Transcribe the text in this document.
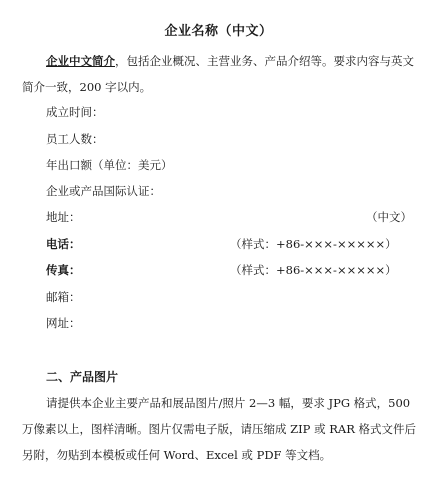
企业名称（中文）
企业中文简介，包括企业概况、主营业务、产品介绍等。要求内容与英文简介一致，200 字以内。
成立时间：
员工人数：
年出口额（单位：美元）
企业或产品国际认证：
地址：	（中文）
电话：	（样式：+86-×××-×××××）
传真：	（样式：+86-×××-×××××）
邮箱：
网址：
二、产品图片
请提供本企业主要产品和展品图片/照片 2—3 幅，要求 JPG 格式，500 万像素以上，图样清晰。图片仅需电子版，请压缩成 ZIP 或 RAR 格式文件后另附，勿贴到本模板或任何 Word、Excel 或 PDF 等文档。
